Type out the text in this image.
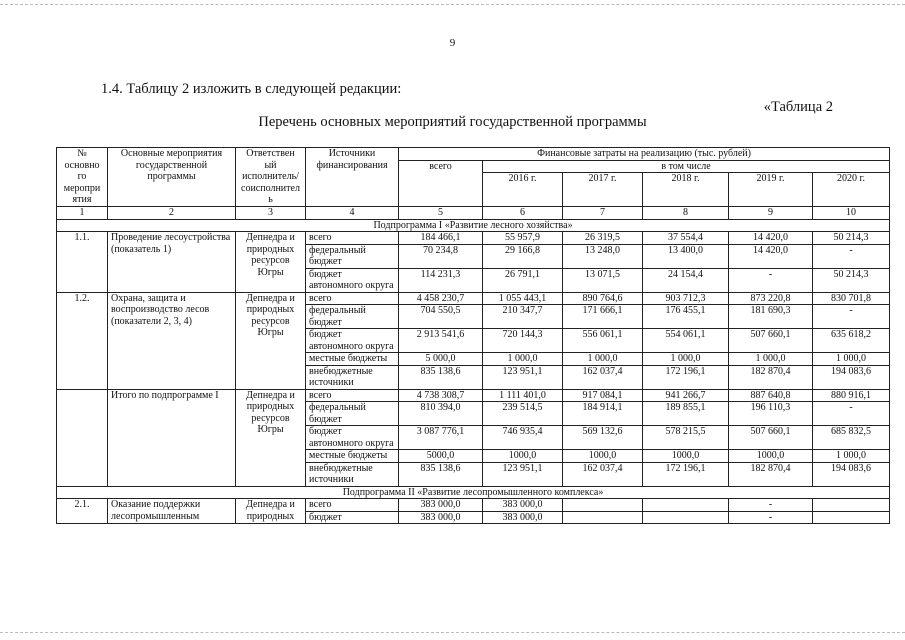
9
1.4. Таблицу 2 изложить в следующей редакции:
«Таблица 2
Перечень основных мероприятий государственной программы
№ основно го меропри ятия	Основные мероприятия государственной программы	Ответствен ый исполнитель/ соисполнител ь	Источники финансирования	Финансовые затраты на реализацию (тыс. рублей)					
				всего	в том числе				
					2016 г.	2017 г.	2018 г.	2019 г.	2020 г.
1	2	3	4	5	6	7	8	9	10
Подпрограмма I «Развитие лесного хозяйства»									
1.1.	Проведение лесоустройства (показатель 1)	Депнедра и природных ресурсов Югры	всего	184 466,1	55 957,9	26 319,5	37 554,4	14 420,0	50 214,3
			федеральный бюджет	70 234,8	29 166,8	13 248,0	13 400,0	14 420,0	-
			бюджет автономного округа	114 231,3	26 791,1	13 071,5	24 154,4	-	50 214,3
1.2.	Охрана, защита и воспроизводство лесов (показатели 2, 3, 4)	Депнедра и природных ресурсов Югры	всего	4 458 230,7	1 055 443,1	890 764,6	903 712,3	873 220,8	830 701,8
			федеральный бюджет	704 550,5	210 347,7	171 666,1	176 455,1	181 690,3	-
			бюджет автономного округа	2 913 541,6	720 144,3	556 061,1	554 061,1	507 660,1	635 618,2
			местные бюджеты	5 000,0	1 000,0	1 000,0	1 000,0	1 000,0	1 000,0
			внебюджетные источники	835 138,6	123 951,1	162 037,4	172 196,1	182 870,4	194 083,6
	Итого по подпрограмме I	Депнедра и природных ресурсов Югры	всего	4 738 308,7	1 111 401,0	917 084,1	941 266,7	887 640,8	880 916,1
			федеральный бюджет	810 394,0	239 514,5	184 914,1	189 855,1	196 110,3	-
			бюджет автономного округа	3 087 776,1	746 935,4	569 132,6	578 215,5	507 660,1	685 832,5
			местные бюджеты	5000,0	1000,0	1000,0	1000,0	1000,0	1 000,0
			внебюджетные источники	835 138,6	123 951,1	162 037,4	172 196,1	182 870,4	194 083,6
Подпрограмма II «Развитие лесопромышленного комплекса»									
2.1.	Оказание поддержки лесопромышленным	Депнедра и природных	всего	383 000,0	383 000,0			-	
			бюджет	383 000,0	383 000,0			-	
